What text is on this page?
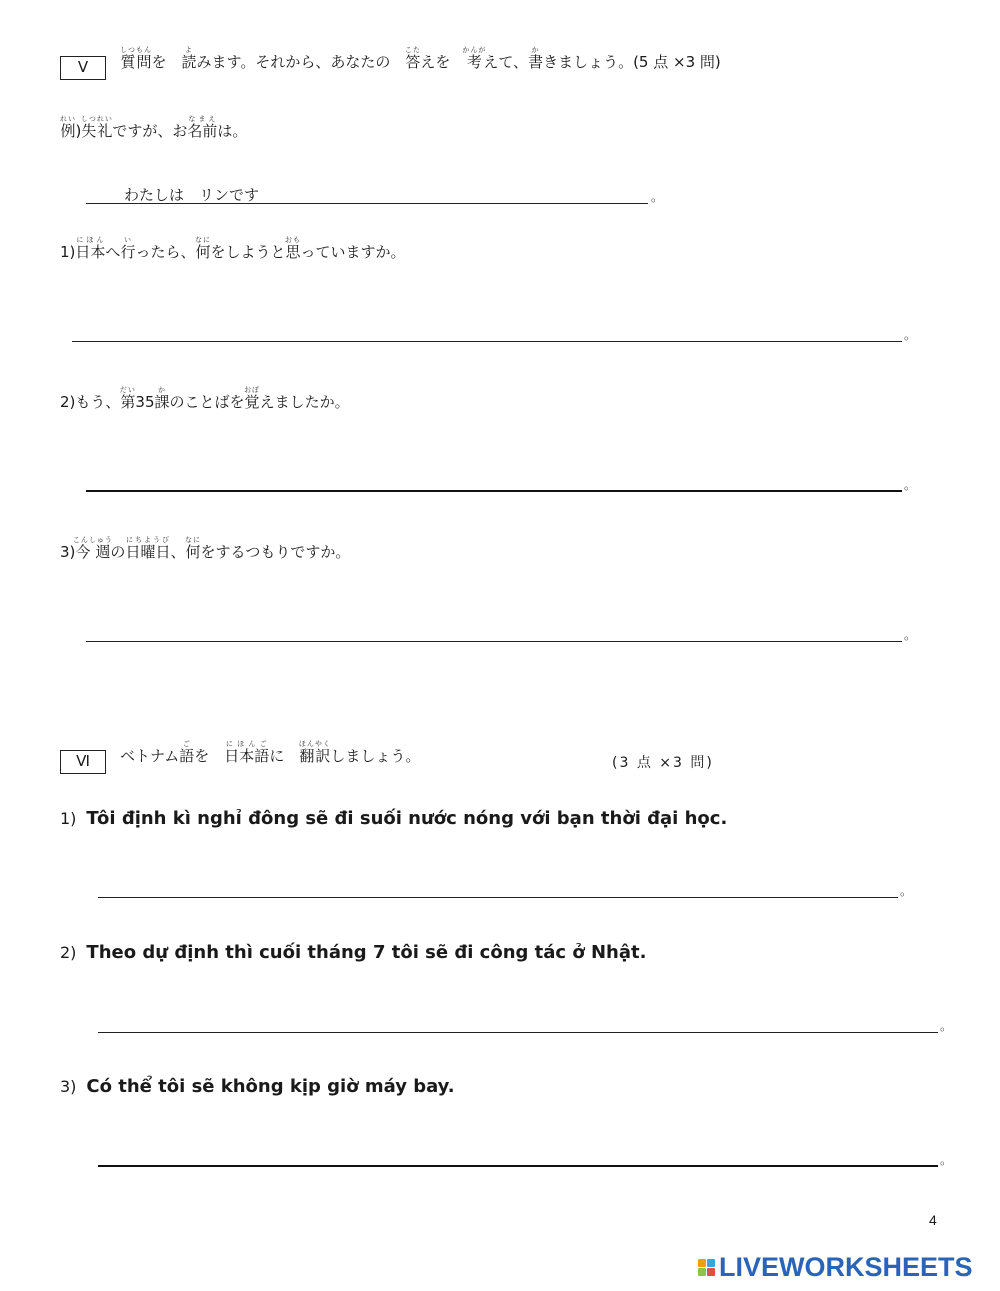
Ⅴ	質問しつもんを　読よみます。それから、あなたの　答こたえを　考かんがえて、書かきましょう。(5 点 ×3 問)
例れい)失礼しつれいですが、お名前なまえは。
わたしは　リンです	。
1)日本にほんへ行いったら、何なにをしようと思おもっていますか。
。
2)もう、第だい35課かのことばを覚おぼえましたか。
。
3)今週こんしゅうの日曜日にちようび、何なにをするつもりですか。
。
Ⅵ	ベトナム語ごを　日本語にほんごに　翻訳ほんやくしましょう。	(3 点 ×3 問)
1) Tôi định kì nghỉ đông sẽ đi suối nước nóng với bạn thời đại học.
。
2) Theo dự định thì cuối tháng 7 tôi sẽ đi công tác ở Nhật.
。
3) Có thể tôi sẽ không kịp giờ máy bay.
。
4
LIVEWORKSHEETS
